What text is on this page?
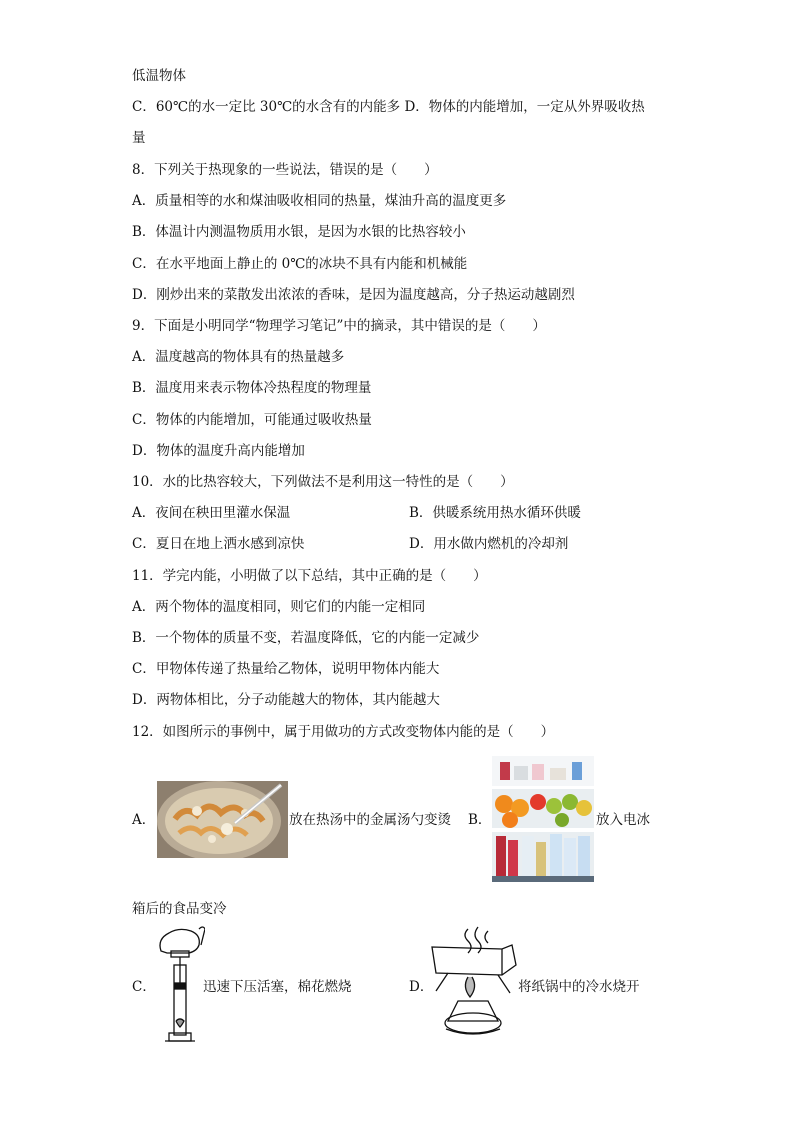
低温物体
C．60℃的水一定比 30℃的水含有的内能多 D．物体的内能增加，一定从外界吸收热
量
8．下列关于热现象的一些说法，错误的是（　　）
A．质量相等的水和煤油吸收相同的热量，煤油升高的温度更多
B．体温计内测温物质用水银，是因为水银的比热容较小
C．在水平地面上静止的 0℃的冰块不具有内能和机械能
D．刚炒出来的菜散发出浓浓的香味，是因为温度越高，分子热运动越剧烈
9．下面是小明同学“物理学习笔记”中的摘录，其中错误的是（　　）
A．温度越高的物体具有的热量越多
B．温度用来表示物体冷热程度的物理量
C．物体的内能增加，可能通过吸收热量
D．物体的温度升高内能增加
10．水的比热容较大，下列做法不是利用这一特性的是（　　）
A．夜间在秧田里灌水保温	B．供暖系统用热水循环供暖
C．夏日在地上洒水感到凉快	D．用水做内燃机的冷却剂
11．学完内能，小明做了以下总结，其中正确的是（　　）
A．两个物体的温度相同，则它们的内能一定相同
B．一个物体的质量不变，若温度降低，它的内能一定减少
C．甲物体传递了热量给乙物体，说明甲物体内能大
D．两物体相比，分子动能越大的物体，其内能越大
12．如图所示的事例中，属于用做功的方式改变物体内能的是（　　）
A．	放在热汤中的金属汤勺变烫 B．	放入电冰
箱后的食品变冷
C．	迅速下压活塞，棉花燃烧	D．	将纸锅中的冷水烧开
